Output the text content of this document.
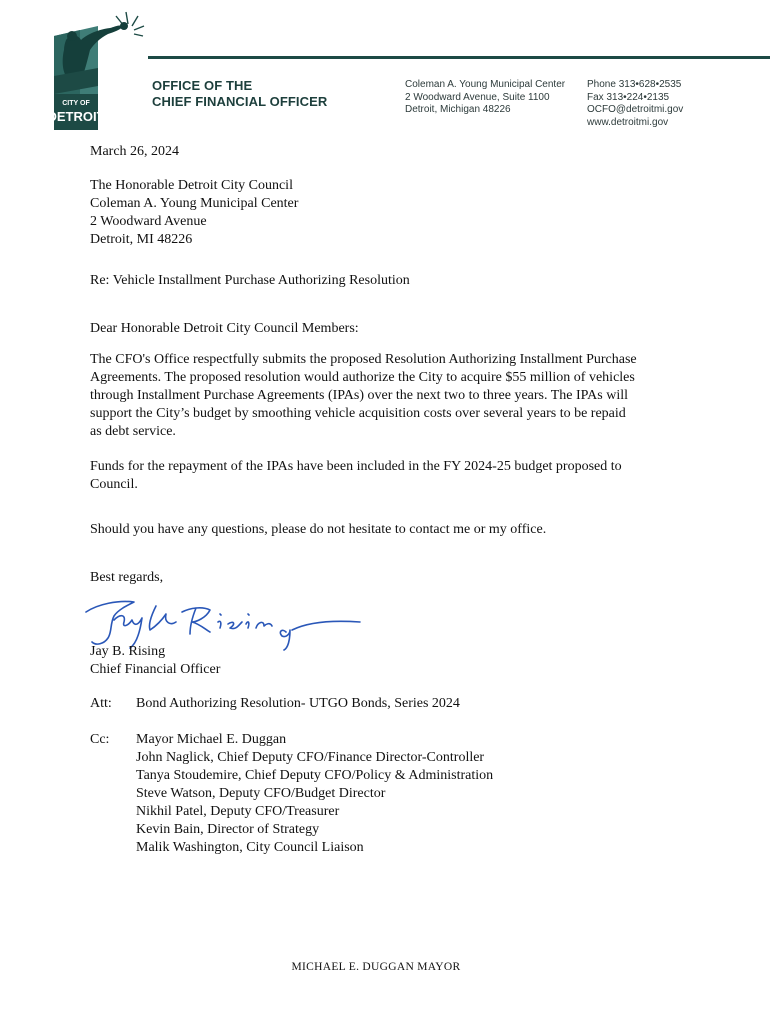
CITY OF
DETROIT
OFFICE OF THE
CHIEF FINANCIAL OFFICER
Coleman A. Young Municipal Center
2 Woodward Avenue, Suite 1100
Detroit, Michigan 48226
Phone 313•628•2535
Fax 313•224•2135
OCFO@detroitmi.gov
www.detroitmi.gov
March 26, 2024
The Honorable Detroit City Council
Coleman A. Young Municipal Center
2 Woodward Avenue
Detroit, MI 48226
Re: Vehicle Installment Purchase Authorizing Resolution
Dear Honorable Detroit City Council Members:
The CFO's Office respectfully submits the proposed Resolution Authorizing Installment Purchase
Agreements. The proposed resolution would authorize the City to acquire $55 million of vehicles
through Installment Purchase Agreements (IPAs) over the next two to three years. The IPAs will
support the City’s budget by smoothing vehicle acquisition costs over several years to be repaid
as debt service.
Funds for the repayment of the IPAs have been included in the FY 2024-25 budget proposed to
Council.
Should you have any questions, please do not hesitate to contact me or my office.
Best regards,
Jay B. Rising
Chief Financial Officer
Att: Bond Authorizing Resolution- UTGO Bonds, Series 2024
Cc: Mayor Michael E. Duggan
John Naglick, Chief Deputy CFO/Finance Director-Controller
Tanya Stoudemire, Chief Deputy CFO/Policy & Administration
Steve Watson, Deputy CFO/Budget Director
Nikhil Patel, Deputy CFO/Treasurer
Kevin Bain, Director of Strategy
Malik Washington, City Council Liaison
MICHAEL E. DUGGAN MAYOR
